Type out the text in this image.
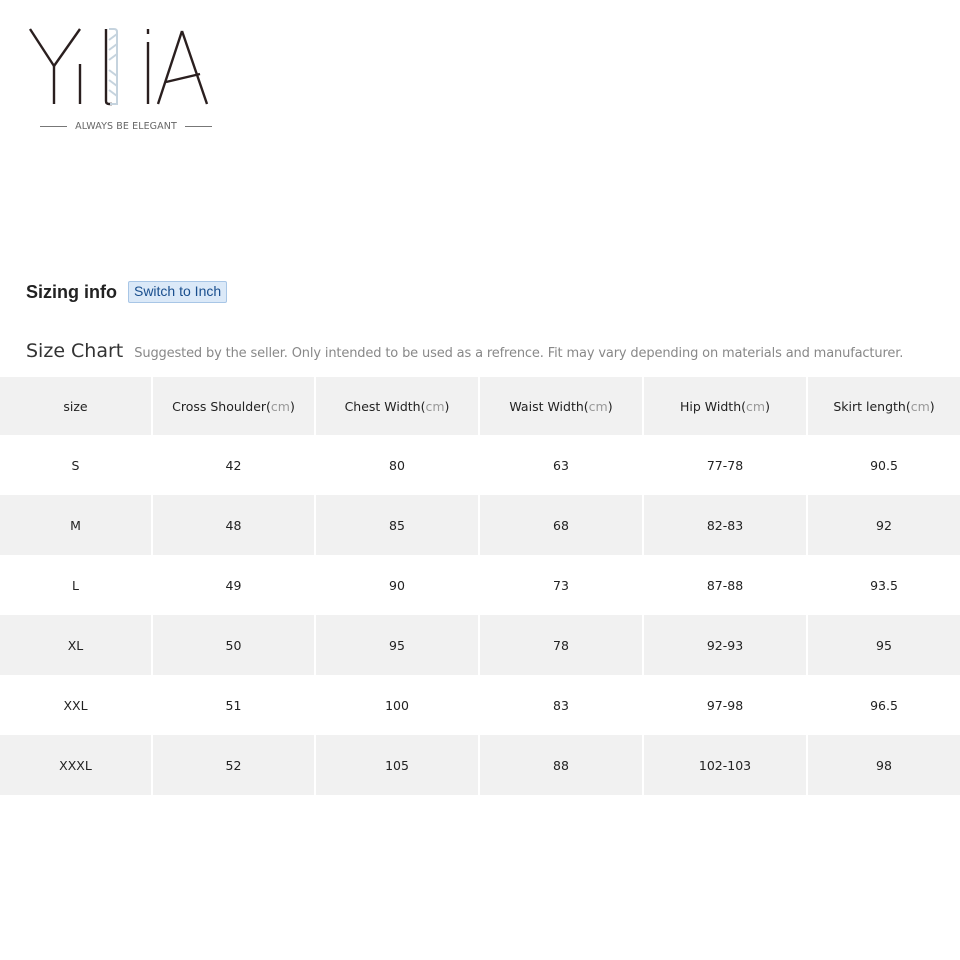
ALWAYS BE ELEGANT
Sizing info	Switch to Inch
Size Chart Suggested by the seller. Only intended to be used as a refrence. Fit may vary depending on materials and manufacturer.
size	Cross Shoulder( cm )	Chest Width( cm )	Waist Width( cm )	Hip Width( cm )	Skirt length( cm )
S	42	80	63	77-78	90.5
M	48	85	68	82-83	92
L	49	90	73	87-88	93.5
XL	50	95	78	92-93	95
XXL	51	100	83	97-98	96.5
XXXL	52	105	88	102-103	98
